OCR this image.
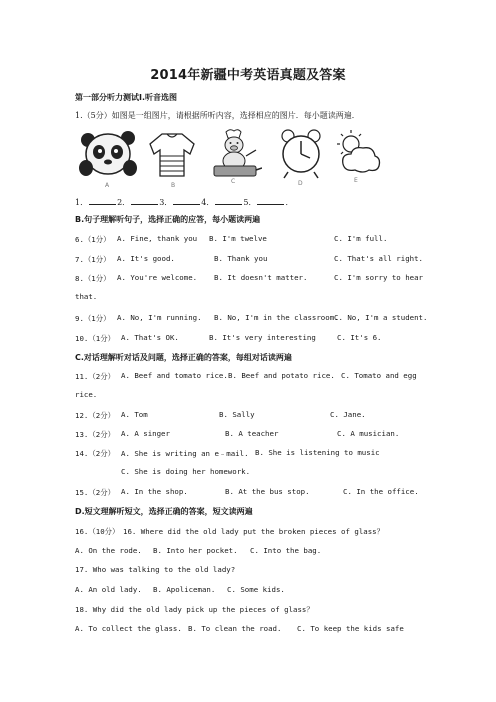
2014年新疆中考英语真题及答案
第一部分听力测试Ⅰ.听音选图
1.（5分）如图是一组图片，请根据所听内容，选择相应的图片．每小题读两遍．
A	B
C	D	E
1．	2．	3．	4．	5．	．
B.句子理解听句子，选择正确的应答，每小题读两遍
6.（1分） A. Fine, thank you B. I'm twelve	C. I'm full.
7.（1分） A. It's good.	B. Thank you	C. That's all right.
8.（1分） A. You're welcome. B. It doesn't matter.	C. I'm sorry to hear
that.
9.（1分） A. No, I'm running. B. No, I'm in the classroom.
C. No, I'm a student.
10.（1分） A. That's OK.	B. It's very interesting	C. It's 6.
C.对话理解听对话及问题，选择正确的答案，每组对话读两遍
11.（2分） A. Beef and tomato rice. B. Beef and potato rice. C. Tomato and egg
rice.
12.（2分） A. Tom	B. Sally	C. Jane.
13.（2分） A. A singer	B. A teacher	C. A musician.
14.（2分） A. She is writing an e﹣mail. B. She is listening to music
C. She is doing her homework.
15.（2分） A. In the shop.	B. At the bus stop.	C. In the office.
D.短文理解听短文，选择正确的答案，短文读两遍
16.（10分） 16. Where did the old lady put the broken pieces of glass？
A. On the rode. B. Into her pocket. C. Into the bag.
17. Who was talking to the old lady?
A. An old lady. B. Apoliceman. C. Some kids.
18. Why did the old lady pick up the pieces of glass？
A. To collect the glass. B. To clean the road. C. To keep the kids safe
